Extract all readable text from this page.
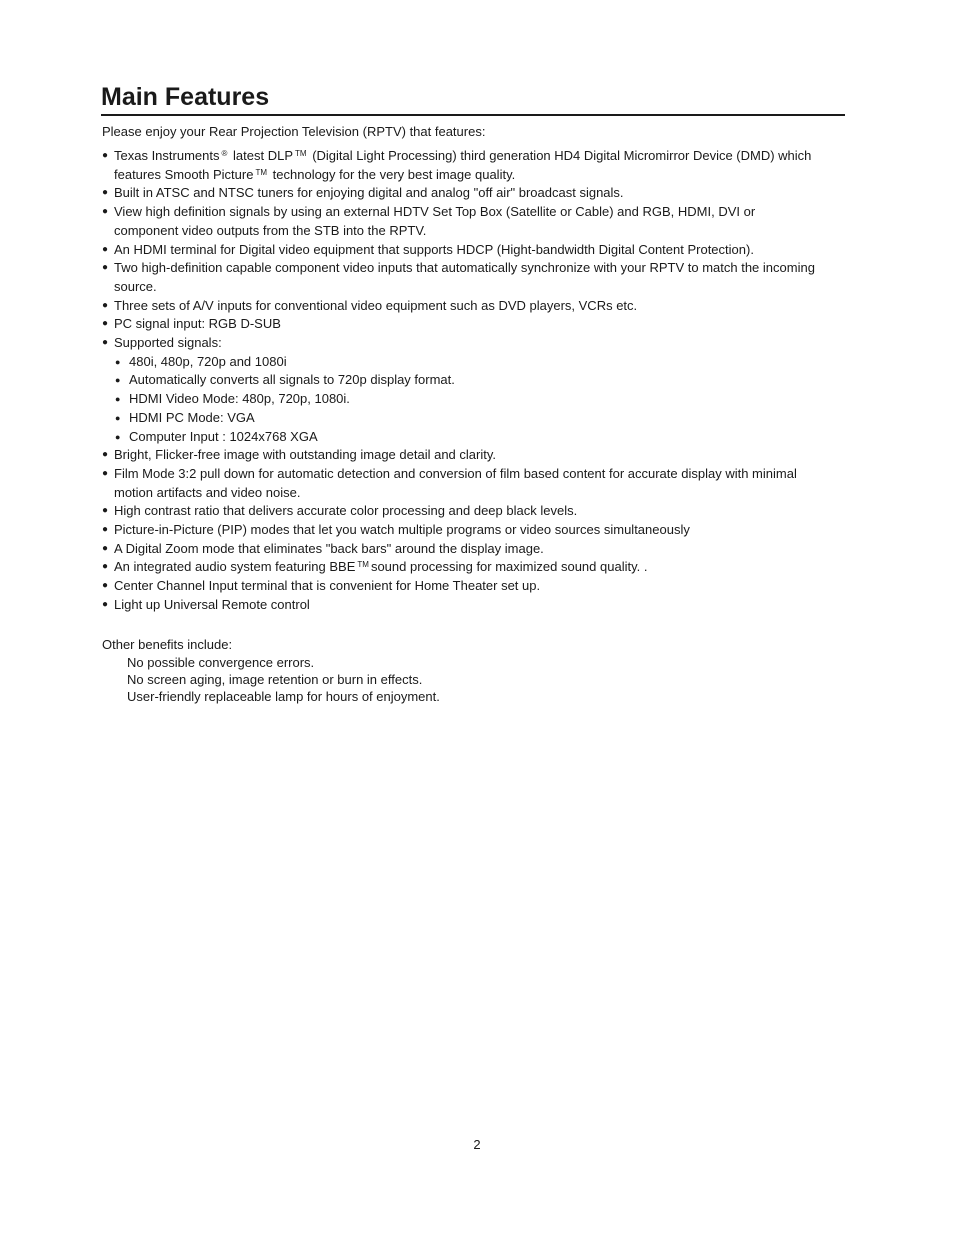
Main Features
Please enjoy your Rear Projection Television (RPTV) that features:
● Texas Instruments ® latest DLP ™ (Digital Light Processing) third generation HD4 Digital Micromirror Device (DMD) which features Smooth Picture ™ technology for the very best image quality.
● Built in ATSC and NTSC tuners for enjoying digital and analog "off air" broadcast signals.
● View high definition signals by using an external HDTV Set Top Box (Satellite or Cable) and RGB, HDMI, DVI or component video outputs from the STB into the RPTV.
● An HDMI terminal for Digital video equipment that supports HDCP (Hight-bandwidth Digital Content Protection).
● Two high-definition capable component video inputs that automatically synchronize with your RPTV to match the incoming source.
● Three sets of A/V inputs for conventional video equipment such as DVD players, VCRs etc.
● PC signal input: RGB D-SUB
● Supported signals:
● 480i, 480p, 720p and 1080i
● Automatically converts all signals to 720p display format.
● HDMI Video Mode: 480p, 720p, 1080i.
● HDMI PC Mode: VGA
● Computer Input : 1024x768 XGA
● Bright, Flicker-free image with outstanding image detail and clarity.
● Film Mode 3:2 pull down for automatic detection and conversion of film based content for accurate display with minimal motion artifacts and video noise.
● High contrast ratio that delivers accurate color processing and deep black levels.
● Picture-in-Picture (PIP) modes that let you watch multiple programs or video sources simultaneously
● A Digital Zoom mode that eliminates "back bars" around the display image.
● An integrated audio system featuring BBE ™ sound processing for maximized sound quality. .
● Center Channel Input terminal that is convenient for Home Theater set up.
● Light up Universal Remote control
Other benefits include:
No possible convergence errors.
No screen aging, image retention or burn in effects.
User-friendly replaceable lamp for hours of enjoyment.
2
